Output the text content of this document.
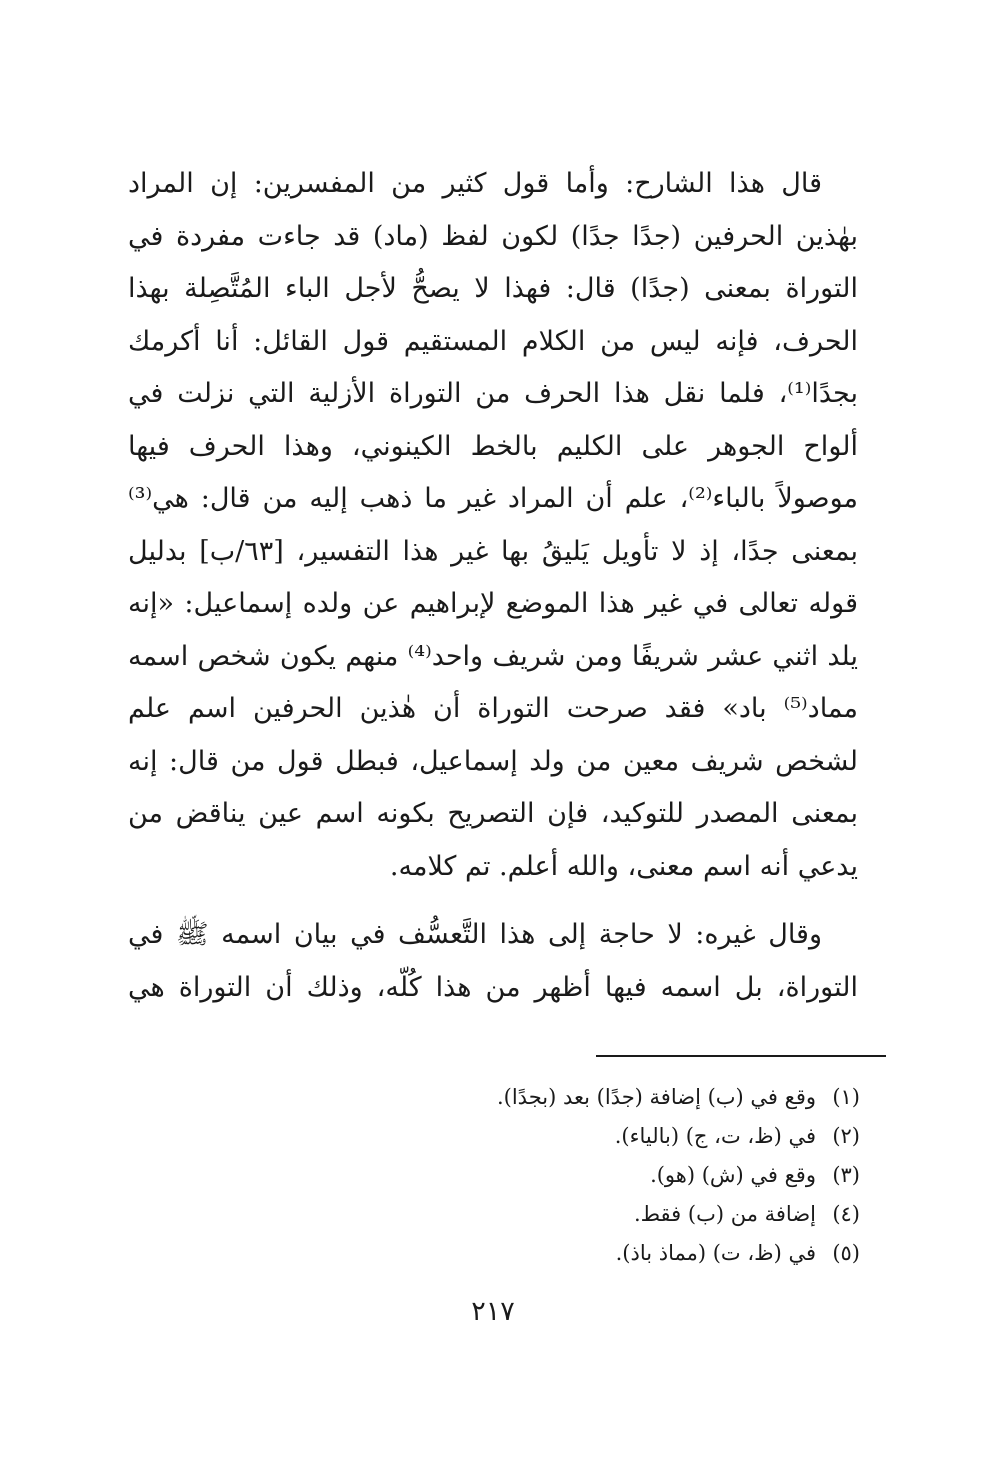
قال هذا الشارح: وأما قول كثير من المفسرين: إن المراد
بهٰذين الحرفين (جدًا جدًا) لكون لفظ (ماد) قد جاءت مفردة في
التوراة بمعنى (جدًا) قال: فهذا لا يصحُّ لأجل الباء المُتَّصِلة بهذا
الحرف، فإنه ليس من الكلام المستقيم قول القائل: أنا أكرمك
بجدًا⁽¹⁾، فلما نقل هذا الحرف من التوراة الأزلية التي نزلت في
ألواح الجوهر على الكليم بالخط الكينوني، وهذا الحرف فيها
موصولاً بالباء⁽²⁾، علم أن المراد غير ما ذهب إليه من قال: هي⁽³⁾
بمعنى جدًا، إذ لا تأويل يَليقُ بها غير هذا التفسير، [٦٣/ب] بدليل
قوله تعالى في غير هذا الموضع لإبراهيم عن ولده إسماعيل: «إنه
يلد اثني عشر شريفًا ومن شريف واحد⁽⁴⁾ منهم يكون شخص اسمه
مماد⁽⁵⁾ باد» فقد صرحت التوراة أن هٰذين الحرفين اسم علم
لشخص شريف معين من ولد إسماعيل، فبطل قول من قال: إنه
بمعنى المصدر للتوكيد، فإن التصريح بكونه اسم عين يناقض من
يدعي أنه اسم معنى، والله أعلم. تم كلامه.

وقال غيره: لا حاجة إلى هذا التَّعسُّف في بيان اسمه ﷺ في
التوراة، بل اسمه فيها أظهر من هذا كُلّه، وذلك أن التوراة هي

(١)
وقع في (ب) إضافة (جدًا) بعد (بجدًا).
(٢)
في (ظ، ت، ج) (بالياء).
(٣)
وقع في (ش) (هو).
(٤)
إضافة من (ب) فقط.
(٥)
في (ظ، ت) (مماذ باذ).
٢١٧
